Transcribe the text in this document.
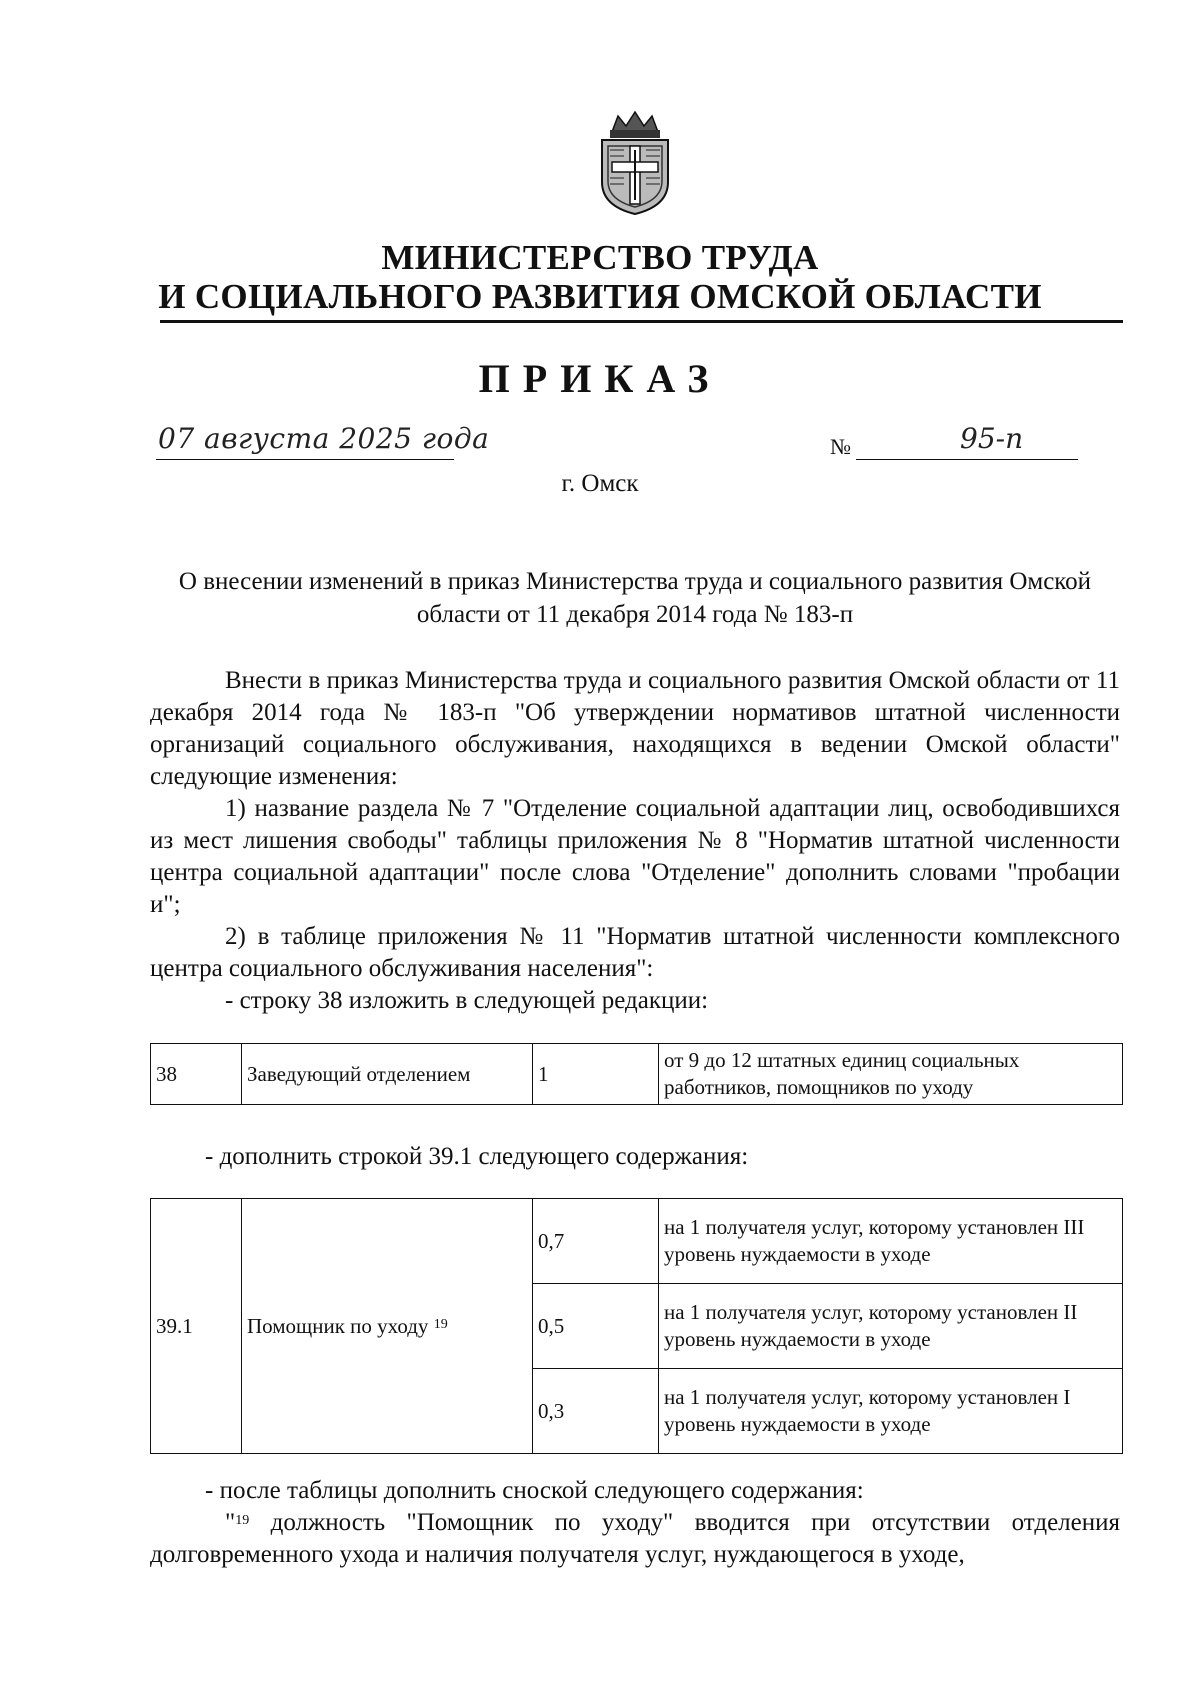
МИНИСТЕРСТВО ТРУДА
И СОЦИАЛЬНОГО РАЗВИТИЯ ОМСКОЙ ОБЛАСТИ
ПРИКАЗ
07 августа 2025 года	№	95-п
г. Омск
О внесении изменений в приказ Министерства труда и социального развития Омской области от 11 декабря 2014 года № 183-п
Внести в приказ Министерства труда и социального развития Омской области от 11 декабря 2014 года № 183-п "Об утверждении нормативов штатной численности организаций социального обслуживания, находящихся в ведении Омской области" следующие изменения:
1) название раздела № 7 "Отделение социальной адаптации лиц, освободившихся из мест лишения свободы" таблицы приложения № 8 "Норматив штатной численности центра социальной адаптации" после слова "Отделение" дополнить словами "пробации и";
2) в таблице приложения № 11 "Норматив штатной численности комплексного центра социального обслуживания населения":
- строку 38 изложить в следующей редакции:
38	Заведующий отделением	1	от 9 до 12 штатных единиц социальных работников, помощников по уходу
- дополнить строкой 39.1 следующего содержания:
39.1	Помощник по уходу $^{19}$	0,7	на 1 получателя услуг, которому установлен III уровень нуждаемости в уходе
		0,5	на 1 получателя услуг, которому установлен II уровень нуждаемости в уходе
		0,3	на 1 получателя услуг, которому установлен I уровень нуждаемости в уходе
- после таблицы дополнить сноской следующего содержания:
"$^{19}$ должность "Помощник по уходу" вводится при отсутствии отделения долговременного ухода и наличия получателя услуг, нуждающегося в уходе,
